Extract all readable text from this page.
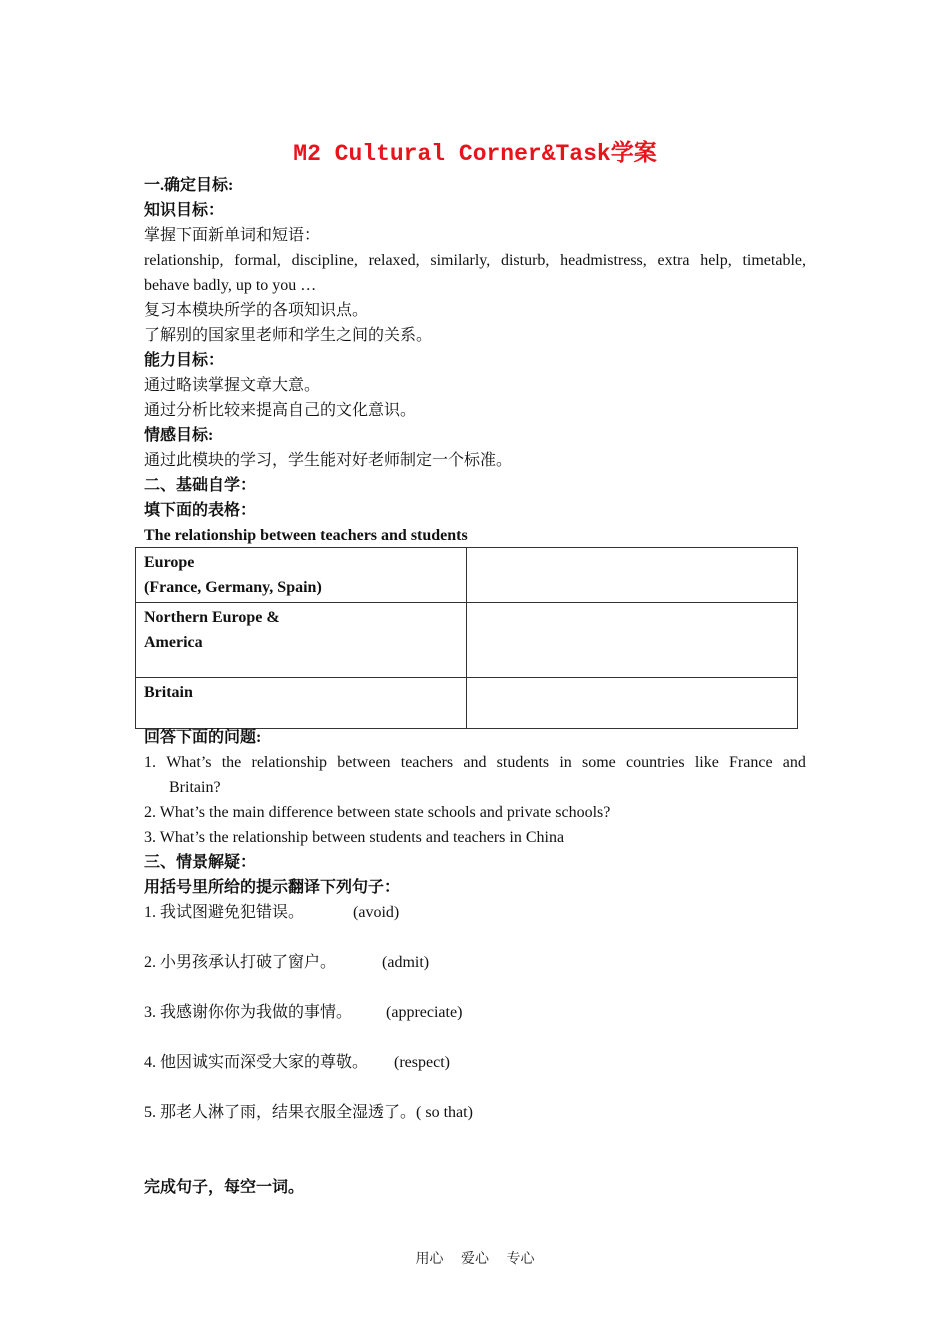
M2 Cultural Corner&Task学案
一.确定目标:
知识目标：
掌握下面新单词和短语：
relationship, formal, discipline, relaxed, similarly, disturb, headmistress, extra help, timetable,
behave badly, up to you …
复习本模块所学的各项知识点。
了解别的国家里老师和学生之间的关系。
能力目标：
通过略读掌握文章大意。
通过分析比较来提高自己的文化意识。
情感目标:
通过此模块的学习，学生能对好老师制定一个标准。
二、基础自学：
填下面的表格：
The relationship between teachers and students
Europe
(France, Germany, Spain)	

Northern Europe &
America	

Britain	

回答下面的问题:
1. What’s the relationship between teachers and students in some countries like France and
Britain?
2. What’s the main difference between state schools and private schools?
3. What’s the relationship between students and teachers in China
三、情景解疑：
用括号里所给的提示翻译下列句子：
1. 我试图避免犯错误。	(avoid)
2. 小男孩承认打破了窗户。	(admit)
3. 我感谢你你为我做的事情。 (appreciate)
4. 他因诚实而深受大家的尊敬。 (respect)
5. 那老人淋了雨，结果衣服全湿透了。( so that)
完成句子，每空一词。
用心 爱心 专心
